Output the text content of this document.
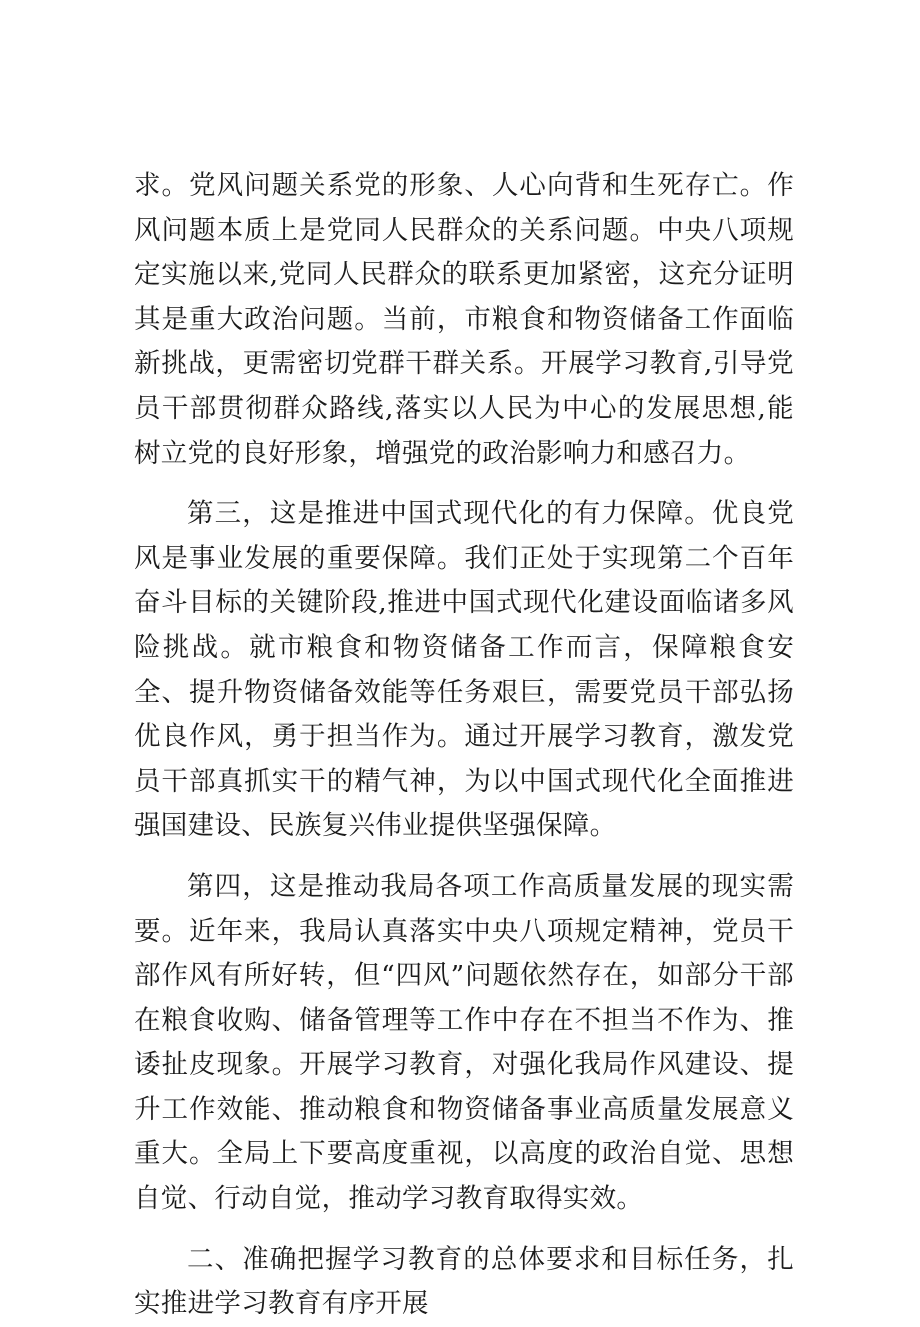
求。党风问题关系党的形象、人心向背和生死存亡。作风问题本质上是党同人民群众的关系问题。中央八项规定实施以来,党同人民群众的联系更加紧密，这充分证明其是重大政治问题。当前，市粮食和物资储备工作面临新挑战，更需密切党群干群关系。开展学习教育,引导党员干部贯彻群众路线,落实以人民为中心的发展思想,能树立党的良好形象，增强党的政治影响力和感召力。

第三，这是推进中国式现代化的有力保障。优良党风是事业发展的重要保障。我们正处于实现第二个百年奋斗目标的关键阶段,推进中国式现代化建设面临诸多风险挑战。就市粮食和物资储备工作而言，保障粮食安全、提升物资储备效能等任务艰巨，需要党员干部弘扬优良作风，勇于担当作为。通过开展学习教育，激发党员干部真抓实干的精气神，为以中国式现代化全面推进强国建设、民族复兴伟业提供坚强保障。

第四，这是推动我局各项工作高质量发展的现实需要。近年来，我局认真落实中央八项规定精神，党员干部作风有所好转，但“四风”问题依然存在，如部分干部在粮食收购、储备管理等工作中存在不担当不作为、推诿扯皮现象。开展学习教育，对强化我局作风建设、提升工作效能、推动粮食和物资储备事业高质量发展意义重大。全局上下要高度重视，以高度的政治自觉、思想自觉、行动自觉，推动学习教育取得实效。

二、准确把握学习教育的总体要求和目标任务，扎实推进学习教育有序开展
